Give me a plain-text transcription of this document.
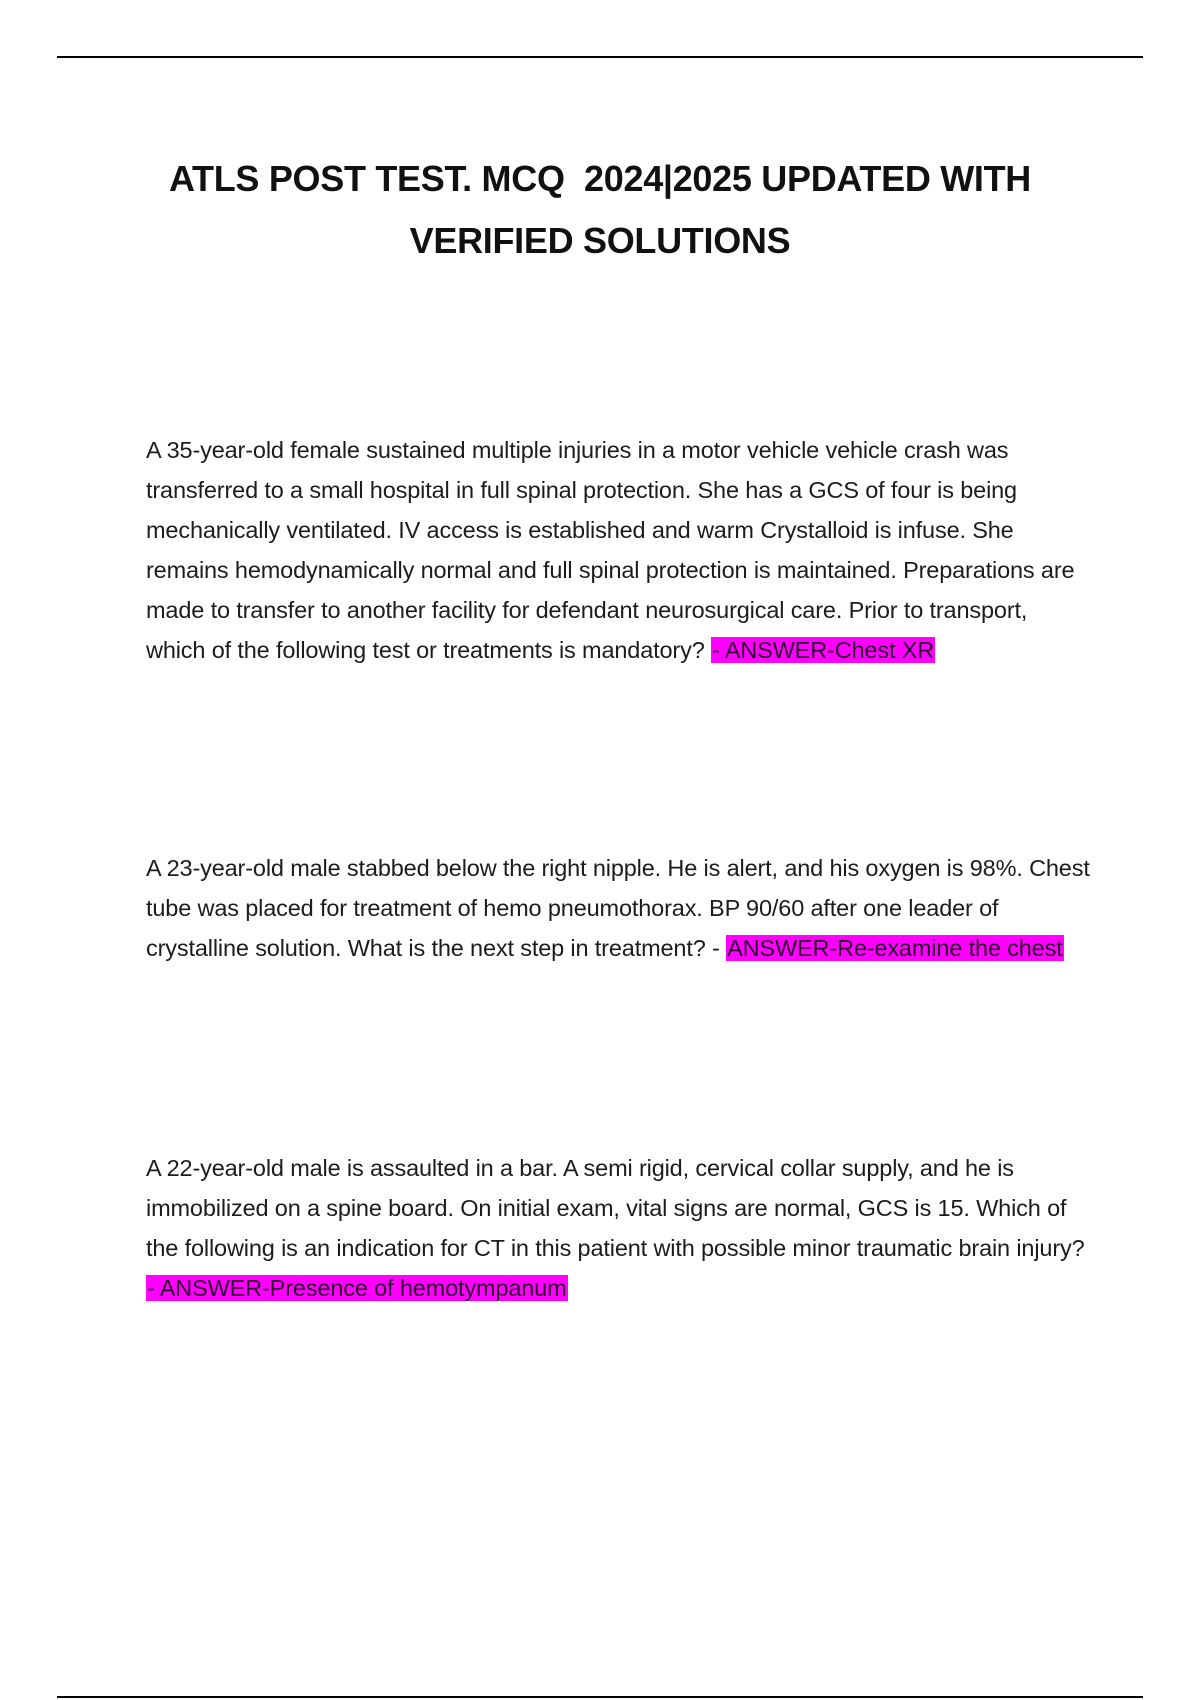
ATLS POST TEST. MCQ  2024|2025 UPDATED WITH
VERIFIED SOLUTIONS

A 35-year-old female sustained multiple injuries in a motor vehicle vehicle crash was transferred to a small hospital in full spinal protection. She has a GCS of four is being mechanically ventilated. IV access is established and warm Crystalloid is infuse. She remains hemodynamically normal and full spinal protection is maintained. Preparations are made to transfer to another facility for defendant neurosurgical care. Prior to transport, which of the following test or treatments is mandatory? - ANSWER-Chest XR

A 23-year-old male stabbed below the right nipple. He is alert, and his oxygen is 98%. Chest tube was placed for treatment of hemo pneumothorax. BP 90/60 after one leader of crystalline solution. What is the next step in treatment? - ANSWER-Re-examine the chest

A 22-year-old male is assaulted in a bar. A semi rigid, cervical collar supply, and he is immobilized on a spine board. On initial exam, vital signs are normal, GCS is 15. Which of the following is an indication for CT in this patient with possible minor traumatic brain injury? - ANSWER-Presence of hemotympanum
